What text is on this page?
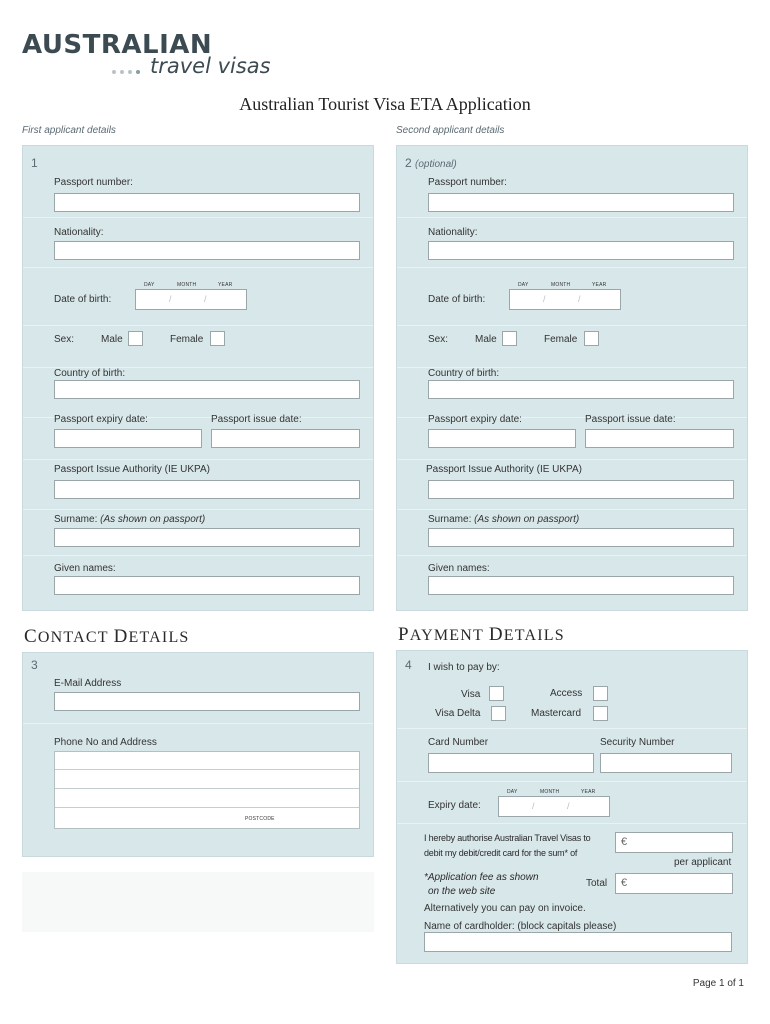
AUSTRALIAN
travel visas
Australian Tourist Visa ETA Application
First applicant details	Second applicant details
1
Passport number:
Nationality:
DAY	MONTH	YEAR
Date of birth:	/	/
Sex:	Male	Female
Country of birth:
Passport expiry date:	Passport issue date:
Passport Issue Authority (IE UKPA)
Surname: (As shown on passport)
Given names:
2 (optional)
Passport number:
Nationality:
DAY	MONTH	YEAR
Date of birth:	/	/
Sex:	Male	Female
Country of birth:
Passport expiry date:	Passport issue date:
Passport Issue Authority (IE UKPA)
Surname: (As shown on passport)
Given names:
CONTACT DETAILS
3
E-Mail Address
Phone No and Address
POSTCODE
PAYMENT DETAILS
4 I wish to pay by:
Visa	Access
Visa Delta	Mastercard
Card Number	Security Number
DAY	MONTH	YEAR
Expiry date:	/	/
I hereby authorise Australian Travel Visas to
debit my debit/credit card for the sum* of
€
per applicant
*Application fee as shown
on the web site
Total €
Alternatively you can pay on invoice.
Name of cardholder: (block capitals please)
Page 1 of 1
